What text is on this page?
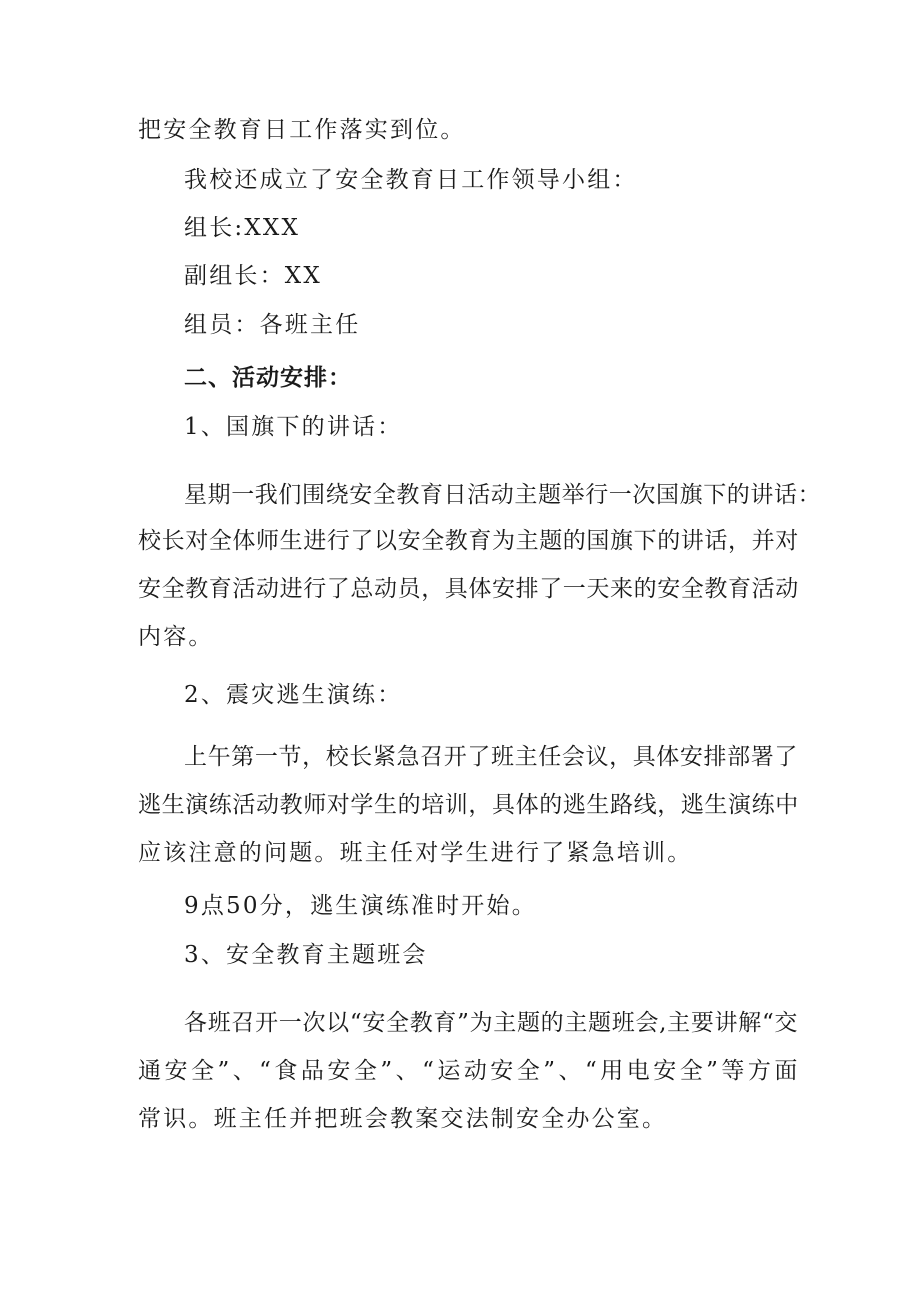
把安全教育日工作落实到位。
我校还成立了安全教育日工作领导小组：
组长:XXX
副组长：XX
组员：各班主任
二、活动安排：
1、国旗下的讲话：
星期一我们围绕安全教育日活动主题举行一次国旗下的讲话：
校长对全体师生进行了以安全教育为主题的国旗下的讲话，并对
安全教育活动进行了总动员，具体安排了一天来的安全教育活动
内容。
2、震灾逃生演练：
上午第一节，校长紧急召开了班主任会议，具体安排部署了
逃生演练活动教师对学生的培训，具体的逃生路线，逃生演练中
应该注意的问题。班主任对学生进行了紧急培训。
9点50分，逃生演练准时开始。
3、安全教育主题班会
各班召开一次以“安全教育”为主题的主题班会,主要讲解“交
通安全”、“食品安全”、“运动安全”、“用电安全”等方面
常识。班主任并把班会教案交法制安全办公室。
